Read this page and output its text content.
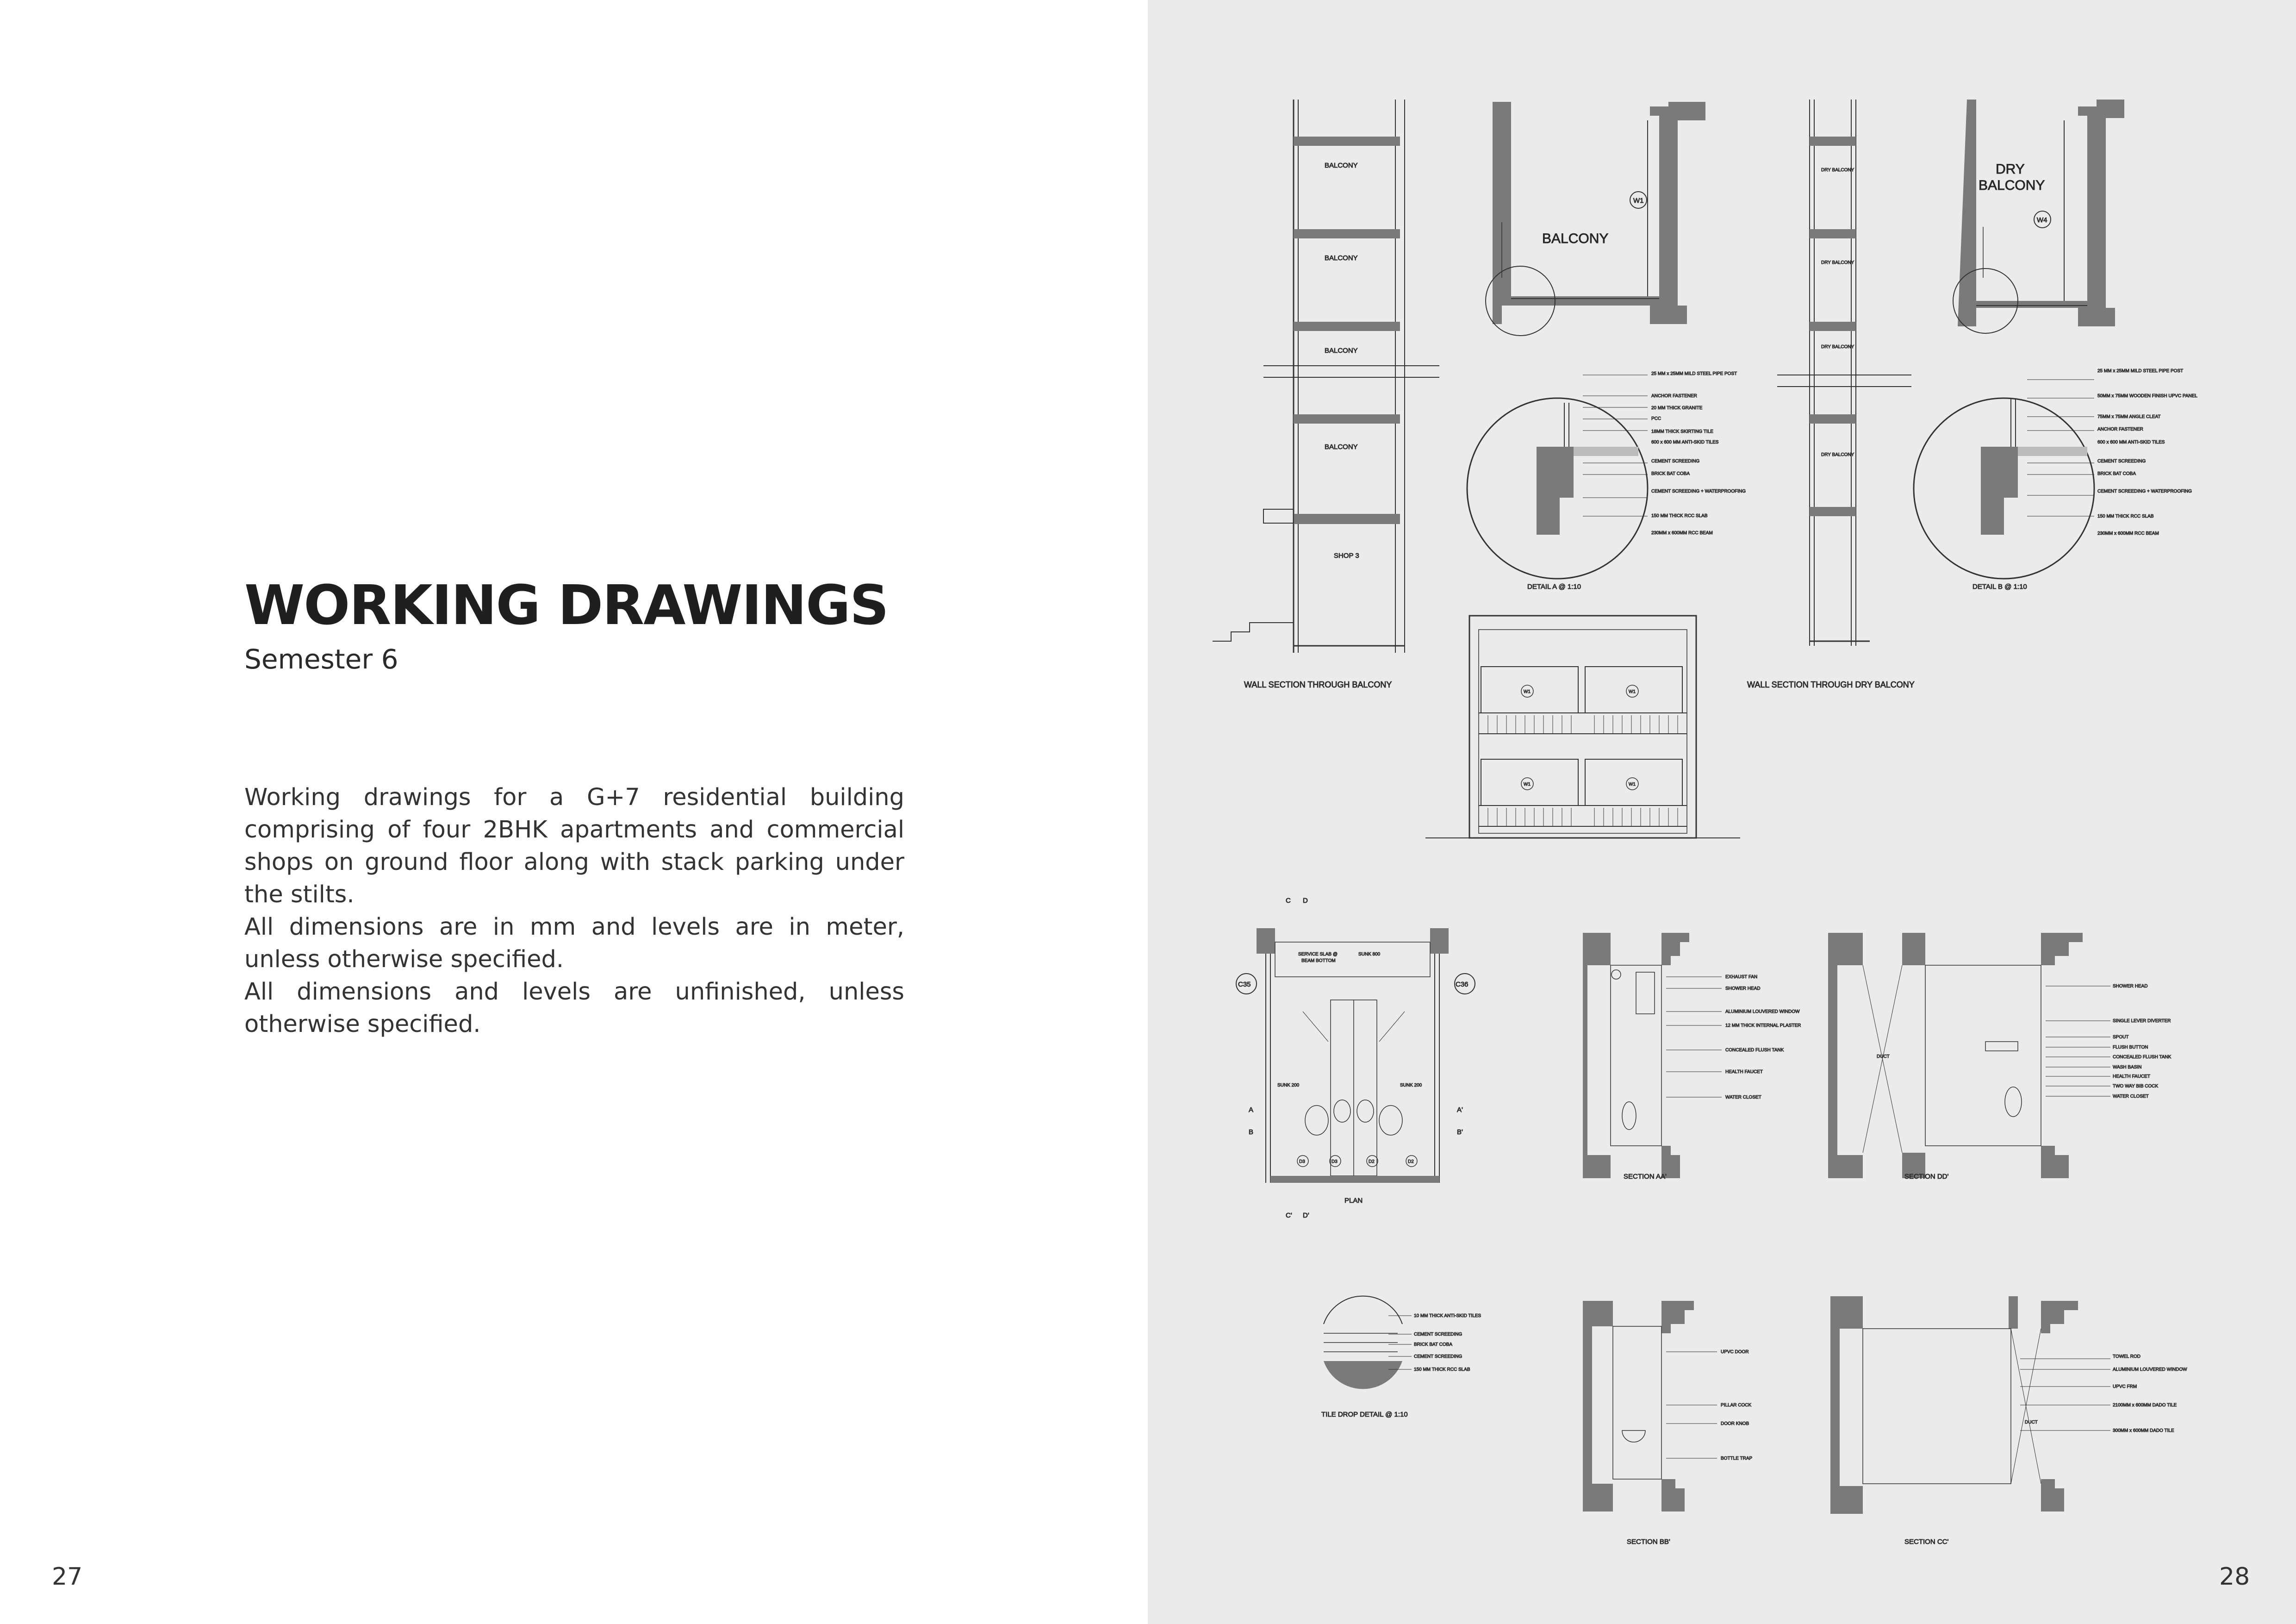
WORKING DRAWINGS
Semester 6

Working drawings for a G+7 residential building comprising of four 2BHK apartments and commercial shops on ground floor along with stack parking under the stilts.

All dimensions are in mm and levels are in meter, unless otherwise specified.

All dimensions and levels are unfinished, unless otherwise specified.

27	28
BALCONY
BALCONY
BALCONY
BALCONY
SHOP 3
WALL SECTION THROUGH BALCONY
BALCONY
W1
DRY BALCONY
DRY BALCONY
DRY BALCONY
DRY BALCONY
WALL SECTION THROUGH DRY BALCONY
DRY
BALCONY
W4
25 MM x 25MM MILD STEEL PIPE POST
ANCHOR FASTENER
20 MM THICK GRANITE
PCC
18MM THICK SKIRTING TILE
600 x 600 MM ANTI-SKID TILES
CEMENT SCREEDING
BRICK BAT COBA
CEMENT SCREEDING + WATERPROOFING
150 MM THICK RCC SLAB
230MM x 600MM RCC BEAM
DETAIL A @ 1:10
25 MM x 25MM MILD STEEL PIPE POST
50MM x 75MM WOODEN FINISH UPVC PANEL
75MM x 75MM ANGLE CLEAT
ANCHOR FASTENER
600 x 600 MM ANTI-SKID TILES
CEMENT SCREEDING
BRICK BAT COBA
CEMENT SCREEDING + WATERPROOFING
150 MM THICK RCC SLAB
230MM x 600MM RCC BEAM
DETAIL B @ 1:10
W1	W1
W1	W1
C D
C' D'
A
B
A'
B'
C35	C36
SERVICE SLAB @
BEAM BOTTOM
SUNK 800
SUNK 200	SUNK 200
D3	D3	D2	D2
PLAN
EXHAUST FAN
SHOWER HEAD
ALUMINIUM LOUVERED WINDOW
12 MM THICK INTERNAL PLASTER
CONCEALED FLUSH TANK
HEALTH FAUCET
WATER CLOSET
SECTION AA'
DUCT
SHOWER HEAD
SINGLE LEVER DIVERTER
SPOUT
FLUSH BUTTON
CONCEALED FLUSH TANK
WASH BASIN
HEALTH FAUCET
TWO WAY BIB COCK
WATER CLOSET
SECTION DD'
10 MM THICK ANTI-SKID TILES
CEMENT SCREEDING
BRICK BAT COBA
CEMENT SCREEDING
150 MM THICK RCC SLAB
TILE DROP DETAIL @ 1:10
UPVC DOOR
PILLAR COCK
DOOR KNOB
BOTTLE TRAP
SECTION BB'
DUCT
TOWEL ROD
ALUMINIUM LOUVERED WINDOW
UPVC FRM
2100MM x 600MM DADO TILE
300MM x 600MM DADO TILE
SECTION CC'
